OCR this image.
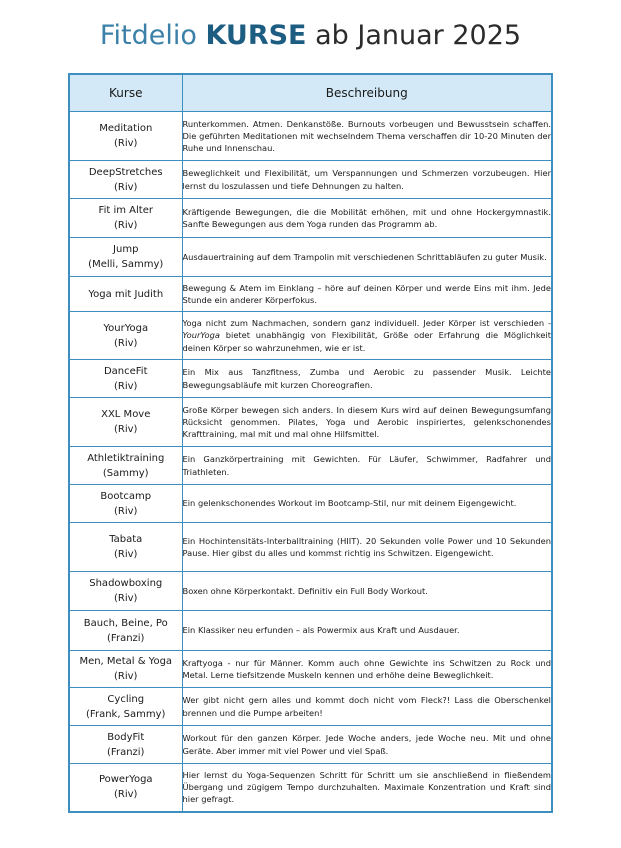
Fitdelio KURSE ab Januar 2025
Kurse	Beschreibung

Meditation
(Riv)	Runterkommen. Atmen. Denkanstöße. Burnouts vorbeugen und Bewusstsein schaffen. Die geführten Meditationen mit wechselndem Thema verschaffen dir 10-20 Minuten der Ruhe und Innenschau.

DeepStretches
(Riv)	Beweglichkeit und Flexibilität, um Verspannungen und Schmerzen vorzubeugen. Hier lernst du loszulassen und tiefe Dehnungen zu halten.

Fit im Alter
(Riv)	Kräftigende Bewegungen, die die Mobilität erhöhen, mit und ohne Hockergymnastik. Sanfte Bewegungen aus dem Yoga runden das Programm ab.

Jump
(Melli, Sammy)	Ausdauertraining auf dem Trampolin mit verschiedenen Schrittabläufen zu guter Musik.

Yoga mit Judith	Bewegung & Atem im Einklang – höre auf deinen Körper und werde Eins mit ihm. Jede Stunde ein anderer Körperfokus.

YourYoga
(Riv)	Yoga nicht zum Nachmachen, sondern ganz individuell. Jeder Körper ist verschieden - YourYoga bietet unabhängig von Flexibilität, Größe oder Erfahrung die Möglichkeit deinen Körper so wahrzunehmen, wie er ist.

DanceFit
(Riv)	Ein Mix aus Tanzfitness, Zumba und Aerobic zu passender Musik. Leichte Bewegungsabläufe mit kurzen Choreografien.

XXL Move
(Riv)	Große Körper bewegen sich anders. In diesem Kurs wird auf deinen Bewegungsumfang Rücksicht genommen. Pilates, Yoga und Aerobic inspiriertes, gelenkschonendes Krafttraining, mal mit und mal ohne Hilfsmittel.

Athletiktraining
(Sammy)	Ein Ganzkörpertraining mit Gewichten. Für Läufer, Schwimmer, Radfahrer und Triathleten.

Bootcamp
(Riv)	Ein gelenkschonendes Workout im Bootcamp-Stil, nur mit deinem Eigengewicht.

Tabata
(Riv)	Ein Hochintensitäts-Interballtraining (HIIT). 20 Sekunden volle Power und 10 Sekunden Pause. Hier gibst du alles und kommst richtig ins Schwitzen. Eigengewicht.

Shadowboxing
(Riv)	Boxen ohne Körperkontakt. Definitiv ein Full Body Workout.

Bauch, Beine, Po
(Franzi)	Ein Klassiker neu erfunden – als Powermix aus Kraft und Ausdauer.

Men, Metal & Yoga
(Riv)	Kraftyoga - nur für Männer. Komm auch ohne Gewichte ins Schwitzen zu Rock und Metal. Lerne tiefsitzende Muskeln kennen und erhöhe deine Beweglichkeit.

Cycling
(Frank, Sammy)	Wer gibt nicht gern alles und kommt doch nicht vom Fleck?! Lass die Oberschenkel brennen und die Pumpe arbeiten!

BodyFit
(Franzi)	Workout für den ganzen Körper. Jede Woche anders, jede Woche neu. Mit und ohne Geräte. Aber immer mit viel Power und viel Spaß.

PowerYoga
(Riv)	Hier lernst du Yoga-Sequenzen Schritt für Schritt um sie anschließend in fließendem Übergang und zügigem Tempo durchzuhalten. Maximale Konzentration und Kraft sind hier gefragt.
